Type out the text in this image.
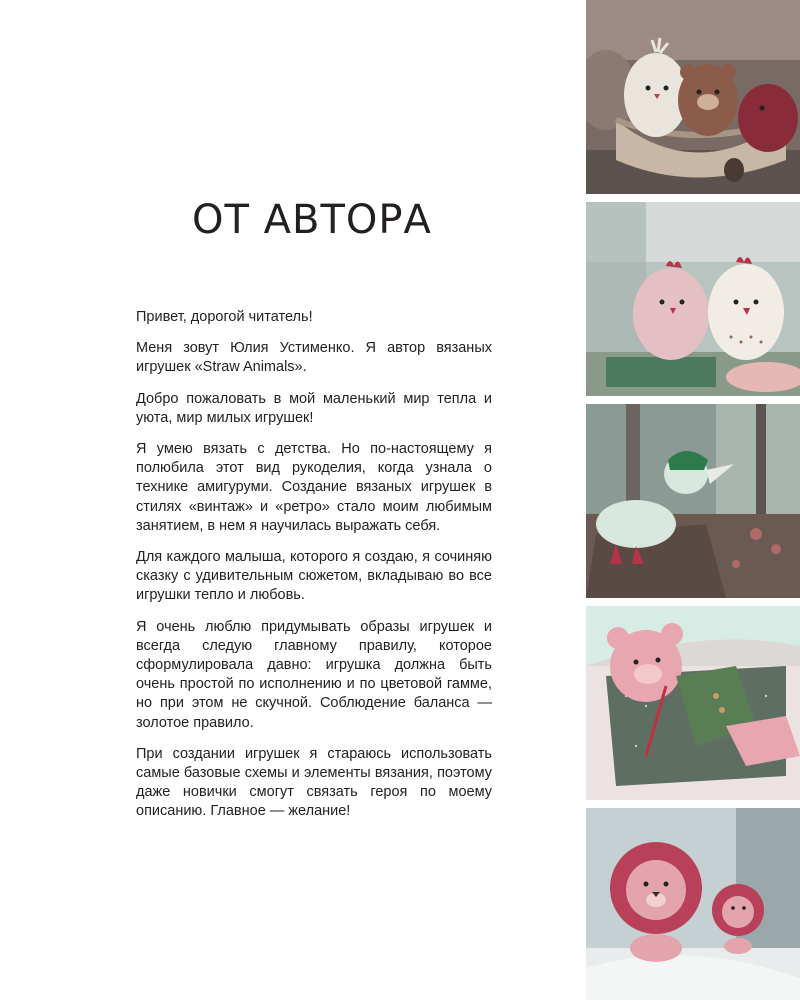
ОТ АВТОРА

Привет, дорогой читатель!

Меня зовут Юлия Устименко. Я автор вязаных игрушек «Straw Animals».

Добро пожаловать в мой маленький мир тепла и уюта, мир милых игрушек!

Я умею вязать с детства. Но по-настоящему я полюбила этот вид рукоделия, когда узнала о технике амигуруми. Создание вязаных игрушек в стилях «винтаж» и «ретро» стало моим любимым занятием, в нем я научилась выражать себя.

Для каждого малыша, которого я создаю, я сочиняю сказку с удивительным сюжетом, вкладываю во все игрушки тепло и любовь.

Я очень люблю придумывать образы игрушек и всегда следую главному правилу, которое сформулировала давно: игрушка должна быть очень простой по исполнению и по цветовой гамме, но при этом не скучной. Соблюдение баланса — золотое правило.

При создании игрушек я стараюсь использовать самые базовые схемы и элементы вязания, поэтому даже новички смогут связать героя по моему описанию. Главное — желание!
